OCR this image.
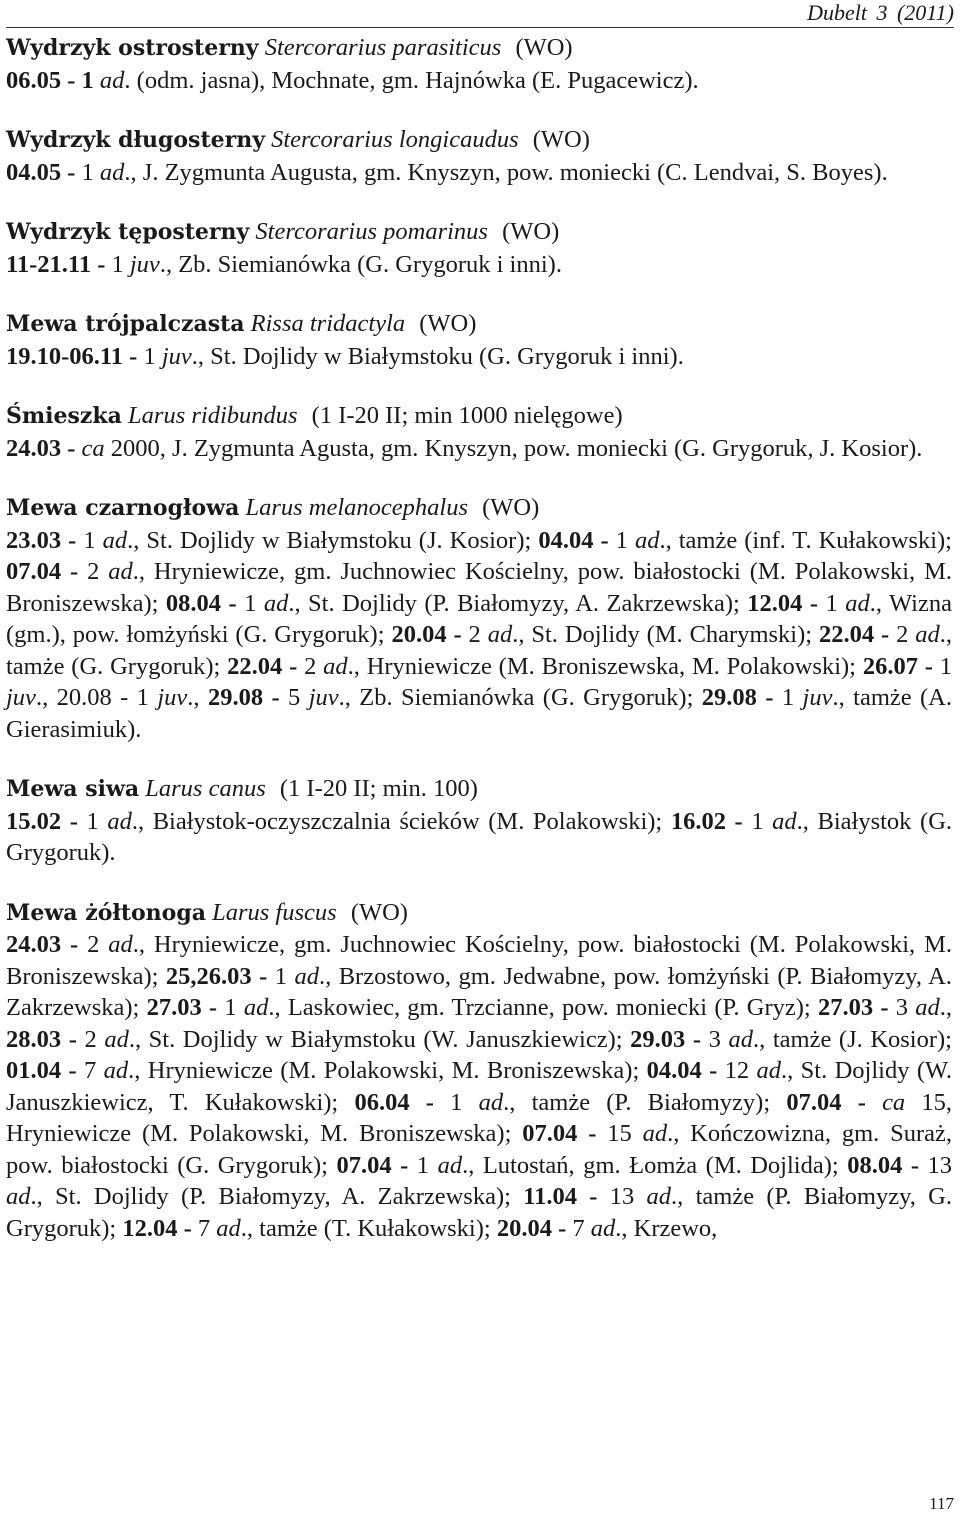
Dubelt 3 (2011)

Wydrzyk ostrosterny Stercorarius parasiticus (WO)

06.05 - 1 ad. (odm. jasna), Mochnate, gm. Hajnówka (E. Pugacewicz).

Wydrzyk długosterny Stercorarius longicaudus (WO)

04.05 - 1 ad., J. Zygmunta Augusta, gm. Knyszyn, pow. moniecki (C. Lendvai, S. Boyes).

Wydrzyk tęposterny Stercorarius pomarinus (WO)

11-21.11 - 1 juv., Zb. Siemianówka (G. Grygoruk i inni).

Mewa trójpalczasta Rissa tridactyla (WO)

19.10-06.11 - 1 juv., St. Dojlidy w Białymstoku (G. Grygoruk i inni).

Śmieszka Larus ridibundus (1 I-20 II; min 1000 nielęgowe)

24.03 - ca 2000, J. Zygmunta Agusta, gm. Knyszyn, pow. moniecki (G. Grygoruk, J. Kosior).

Mewa czarnogłowa Larus melanocephalus (WO)

23.03 - 1 ad., St. Dojlidy w Białymstoku (J. Kosior); 04.04 - 1 ad., tamże (inf. T. Kułakowski); 07.04 - 2 ad., Hryniewicze, gm. Juchnowiec Kościelny, pow. białostocki (M. Polakowski, M. Broniszewska); 08.04 - 1 ad., St. Dojlidy (P. Białomyzy, A. Zakrzewska); 12.04 - 1 ad., Wizna (gm.), pow. łomżyński (G. Grygoruk); 20.04 - 2 ad., St. Dojlidy (M. Charymski); 22.04 - 2 ad., tamże (G. Grygoruk); 22.04 - 2 ad., Hryniewicze (M. Broniszewska, M. Polakowski); 26.07 - 1 juv., 20.08 - 1 juv., 29.08 - 5 juv., Zb. Siemianówka (G. Grygoruk); 29.08 - 1 juv., tamże (A. Gierasimiuk).

Mewa siwa Larus canus (1 I-20 II; min. 100)

15.02 - 1 ad., Białystok-oczyszczalnia ścieków (M. Polakowski); 16.02 - 1 ad., Białystok (G. Grygoruk).

Mewa żółtonoga Larus fuscus (WO)

24.03 - 2 ad., Hryniewicze, gm. Juchnowiec Kościelny, pow. białostocki (M. Polakowski, M. Broniszewska); 25,26.03 - 1 ad., Brzostowo, gm. Jedwabne, pow. łomżyński (P. Białomyzy, A. Zakrzewska); 27.03 - 1 ad., Laskowiec, gm. Trzcianne, pow. moniecki (P. Gryz); 27.03 - 3 ad., 28.03 - 2 ad., St. Dojlidy w Białymstoku (W. Januszkiewicz); 29.03 - 3 ad., tamże (J. Kosior); 01.04 - 7 ad., Hryniewicze (M. Polakowski, M. Broniszewska); 04.04 - 12 ad., St. Dojlidy (W. Januszkiewicz, T. Kułakowski); 06.04 - 1 ad., tamże (P. Białomyzy); 07.04 - ca 15, Hryniewicze (M. Polakowski, M. Broniszewska); 07.04 - 15 ad., Kończowizna, gm. Suraż, pow. białostocki (G. Grygoruk); 07.04 - 1 ad., Lutostań, gm. Łomża (M. Dojlida); 08.04 - 13 ad., St. Dojlidy (P. Białomyzy, A. Zakrzewska); 11.04 - 13 ad., tamże (P. Białomyzy, G. Grygoruk); 12.04 - 7 ad., tamże (T. Kułakowski); 20.04 - 7 ad., Krzewo,

117
